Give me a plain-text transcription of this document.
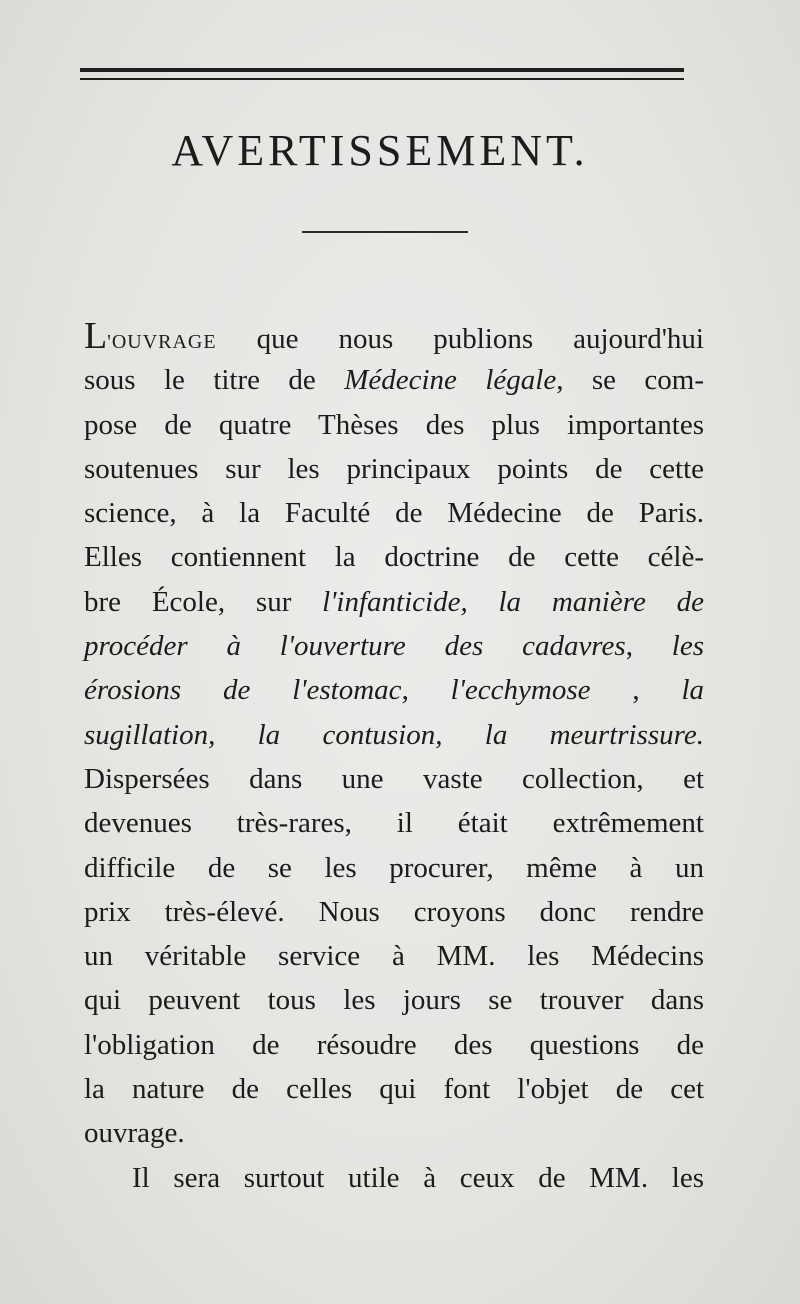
AVERTISSEMENT.
L'OUVRAGE que nous publions aujourd'hui
sous le titre de Médecine légale, se com-
pose de quatre Thèses des plus importantes
soutenues sur les principaux points de cette
science, à la Faculté de Médecine de Paris.
Elles contiennent la doctrine de cette célè-
bre École, sur l'infanticide, la manière de
procéder à l'ouverture des cadavres, les
érosions de l'estomac, l'ecchymose , la
sugillation, la contusion, la meurtrissure.
Dispersées dans une vaste collection, et
devenues très-rares, il était extrêmement
difficile de se les procurer, même à un
prix très-élevé. Nous croyons donc rendre
un véritable service à MM. les Médecins
qui peuvent tous les jours se trouver dans
l'obligation de résoudre des questions de
la nature de celles qui font l'objet de cet
ouvrage.
Il sera surtout utile à ceux de MM. les
